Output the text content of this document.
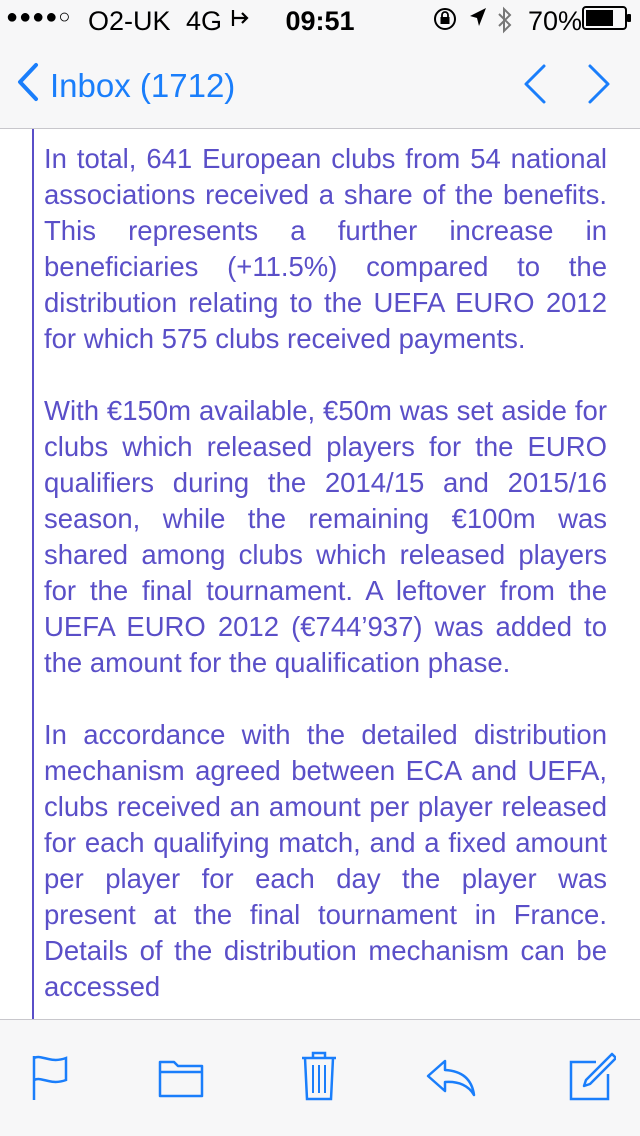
●●●●○ O2-UK 4G	09:51	70%
Inbox (1712)

In total, 641 European clubs from 54 national associations received a share of the benefits. This represents a further increase in beneficiaries (+11.5%) compared to the distribution relating to the UEFA EURO 2012 for which 575 clubs received payments.

With €150m available, €50m was set aside for clubs which released players for the EURO qualifiers during the 2014/15 and 2015/16 season, while the remaining €100m was shared among clubs which released players for the final tournament. A leftover from the UEFA EURO 2012 (€744’937) was added to the amount for the qualification phase.

In accordance with the detailed distribution mechanism agreed between ECA and UEFA, clubs received an amount per player released for each qualifying match, and a fixed amount per player for each day the player was present at the final tournament in France. Details of the distribution mechanism can be accessed
